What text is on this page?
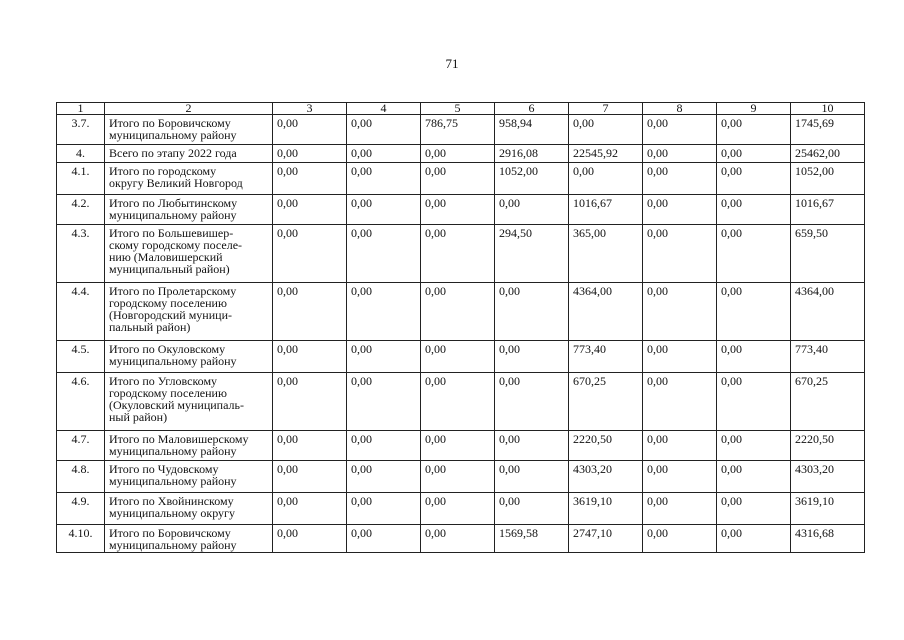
71
1	2	3	4	5	6	7	8	9	10
3.7.	Итого по Боровичскому
муниципальному району	0,00	0,00	786,75	958,94	0,00	0,00	0,00	1745,69
4.	Всего по этапу 2022 года	0,00	0,00	0,00	2916,08	22545,92	0,00	0,00	25462,00
4.1.	Итого по городскому
округу Великий Новгород	0,00	0,00	0,00	1052,00	0,00	0,00	0,00	1052,00
4.2.	Итого по Любытинскому
муниципальному району	0,00	0,00	0,00	0,00	1016,67	0,00	0,00	1016,67
4.3.	Итого по Большевишер-
скому городскому поселе-
нию (Маловишерский
муниципальный район)	0,00	0,00	0,00	294,50	365,00	0,00	0,00	659,50
4.4.	Итого по Пролетарскому
городскому поселению
(Новгородский муници-
пальный район)	0,00	0,00	0,00	0,00	4364,00	0,00	0,00	4364,00
4.5.	Итого по Окуловскому
муниципальному району	0,00	0,00	0,00	0,00	773,40	0,00	0,00	773,40
4.6.	Итого по Угловскому
городскому поселению
(Окуловский муниципаль-
ный район)	0,00	0,00	0,00	0,00	670,25	0,00	0,00	670,25
4.7.	Итого по Маловишерскому
муниципальному району	0,00	0,00	0,00	0,00	2220,50	0,00	0,00	2220,50
4.8.	Итого по Чудовскому
муниципальному району	0,00	0,00	0,00	0,00	4303,20	0,00	0,00	4303,20
4.9.	Итого по Хвойнинскому
муниципальному округу	0,00	0,00	0,00	0,00	3619,10	0,00	0,00	3619,10
4.10.	Итого по Боровичскому
муниципальному району	0,00	0,00	0,00	1569,58	2747,10	0,00	0,00	4316,68
